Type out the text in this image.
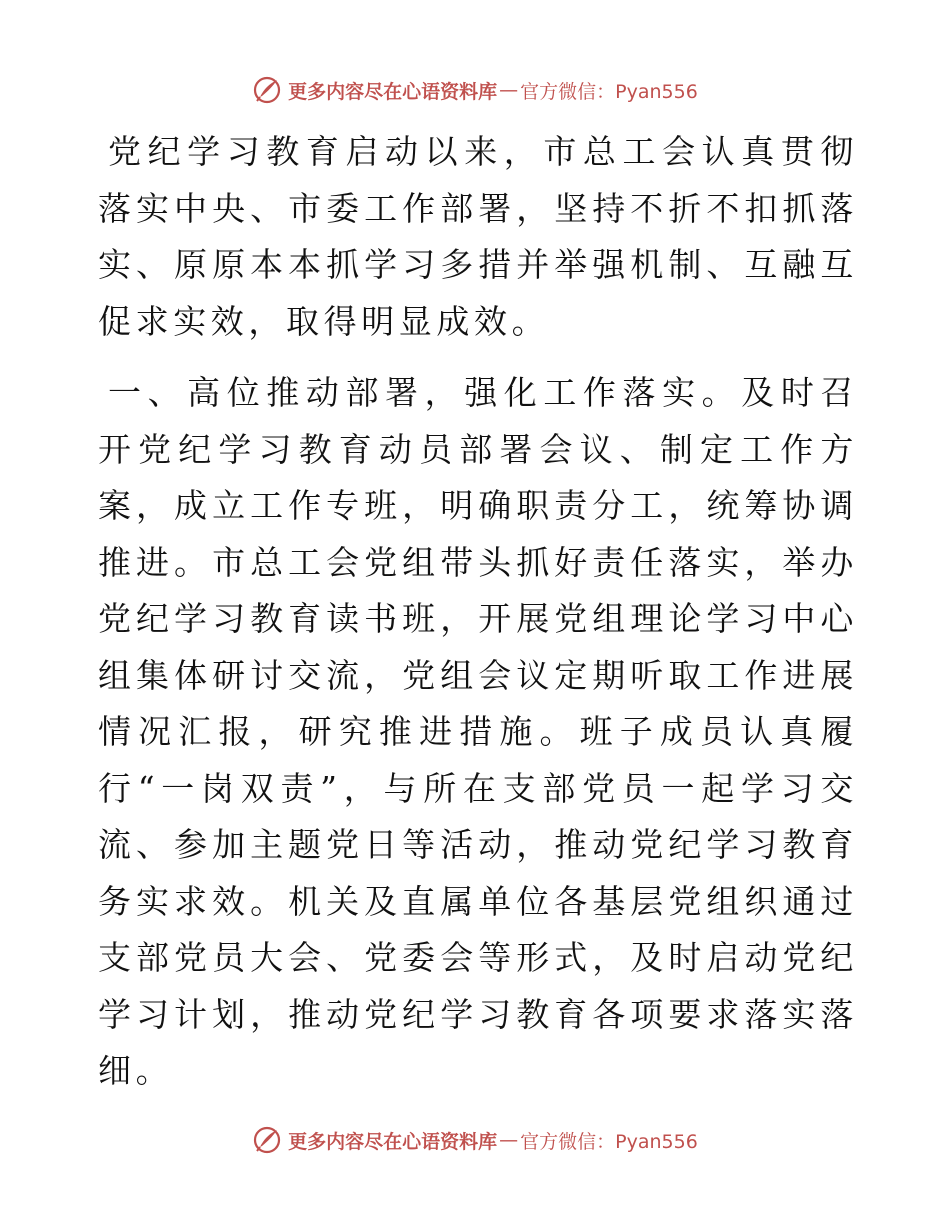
更多内容尽在心语资料库 — 官方微信：Pyan556

党纪学习教育启动以来，市总工会认真贯彻落实中央、市委工作部署，坚持不折不扣抓落实、原原本本抓学习多措并举强机制、互融互促求实效，取得明显成效。

一、高位推动部署，强化工作落实。及时召开党纪学习教育动员部署会议、制定工作方案，成立工作专班，明确职责分工，统筹协调推进。市总工会党组带头抓好责任落实，举办党纪学习教育读书班，开展党组理论学习中心组集体研讨交流，党组会议定期听取工作进展情况汇报，研究推进措施。班子成员认真履行“一岗双责”，与所在支部党员一起学习交流、参加主题党日等活动，推动党纪学习教育务实求效。机关及直属单位各基层党组织通过支部党员大会、党委会等形式，及时启动党纪学习计划，推动党纪学习教育各项要求落实落细。

更多内容尽在心语资料库 — 官方微信：Pyan556
